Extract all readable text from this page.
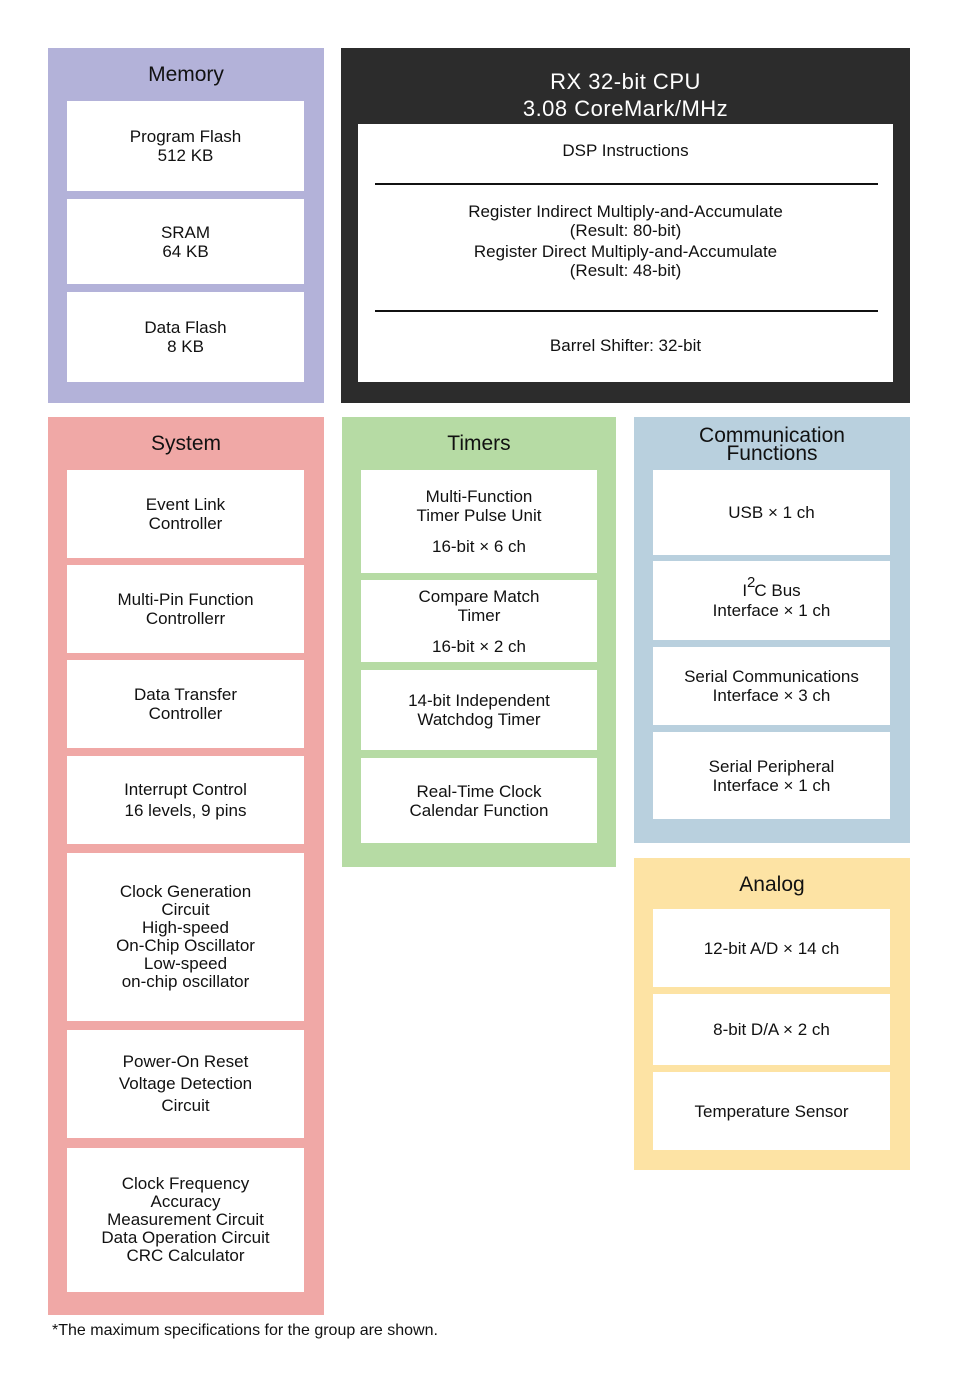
Memory
Program Flash
512 KB
SRAM
64 KB
Data Flash
8 KB
RX 32-bit CPU
3.08 CoreMark/MHz
DSP Instructions
Register Indirect Multiply-and-Accumulate
(Result: 80-bit)
Register Direct Multiply-and-Accumulate
(Result: 48-bit)
Barrel Shifter: 32-bit
System
Event Link
Controller
Multi-Pin Function
Controllerr
Data Transfer
Controller
Interrupt Control
16 levels, 9 pins
Clock Generation
Circuit
High-speed
On-Chip Oscillator
Low-speed
on-chip oscillator
Power-On Reset
Voltage Detection
Circuit
Clock Frequency
Accuracy
Measurement Circuit
Data Operation Circuit
CRC Calculator
Timers
Multi-Function
Timer Pulse Unit
16-bit × 6 ch
Compare Match
Timer
16-bit × 2 ch
14-bit Independent
Watchdog Timer
Real-Time Clock
Calendar Function
Communication
Functions
USB × 1 ch
I2C Bus
Interface × 1 ch
Serial Communications
Interface × 3 ch
Serial Peripheral
Interface × 1 ch
Analog
12-bit A/D × 14 ch
8-bit D/A × 2 ch
Temperature Sensor
*The maximum specifications for the group are shown.
